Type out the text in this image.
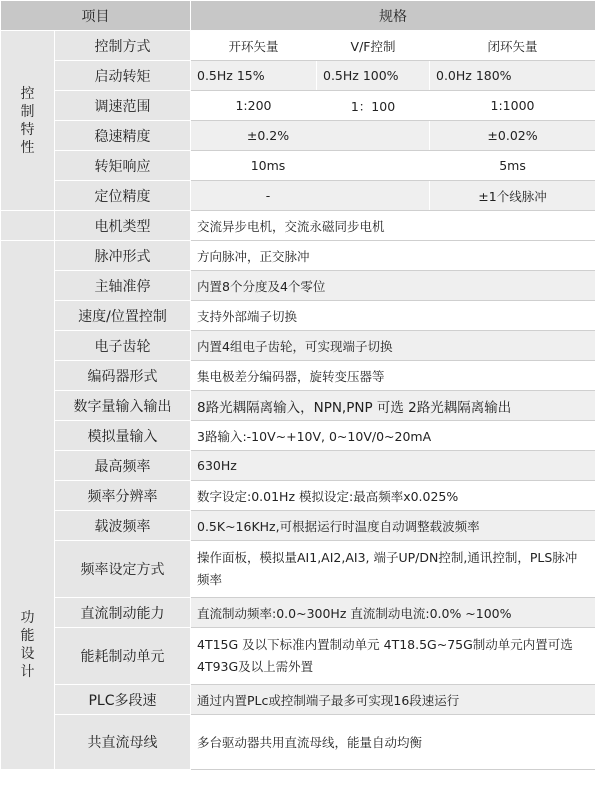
项目		规格		

控
制
特
性	控制方式	开环矢量	V/F控制	闭环矢量
	启动转矩	0.5Hz 15%	0.5Hz 100%	0.0Hz 180%
	调速范围	1:200	1：100	1:1000
	稳速精度	±0.2%		±0.02%
	转矩响应	10ms		5ms
	定位精度	-		±1个线脉冲
	电机类型	交流异步电机，交流永磁同步电机		

功
能
设
计	脉冲形式	方向脉冲，正交脉冲		
	主轴准停	内置8个分度及4个零位		
	速度/位置控制	支持外部端子切换		
	电子齿轮	内置4组电子齿轮，可实现端子切换		
	编码器形式	集电极差分编码器，旋转变压器等		
	数字量输入输出	8路光耦隔离输入，NPN,PNP 可选 2路光耦隔离输出		
	模拟量输入	3路输入:-10V~+10V, 0~10V/0~20mA		
	最高频率	630Hz		
	频率分辨率	数字设定:0.01Hz 模拟设定:最高频率x0.025%		
	载波频率	0.5K~16KHz,可根据运行时温度自动调整载波频率		
	频率设定方式	操作面板，模拟量AI1,AI2,AI3, 端子UP/DN控制,通讯控制，PLS脉冲频率		
	直流制动能力	直流制动频率:0.0~300Hz 直流制动电流:0.0% ~100%		
	能耗制动单元	4T15G 及以下标准内置制动单元 4T18.5G~75G制动单元内置可选4T93G及以上需外置		
	PLC多段速	通过内置PLc或控制端子最多可实现16段速运行		
	共直流母线	多台驱动器共用直流母线，能量自动均衡		
